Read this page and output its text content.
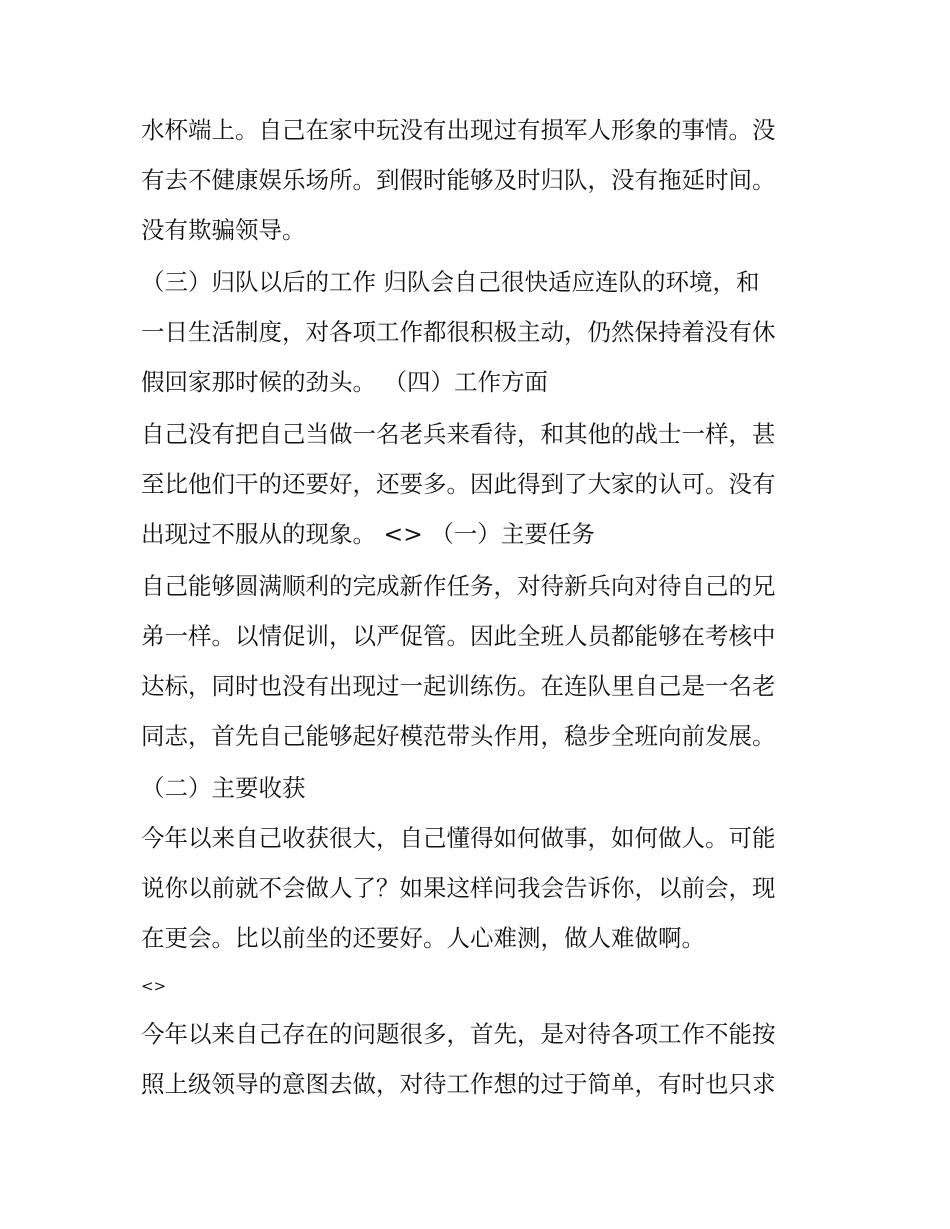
水杯端上。自己在家中玩没有出现过有损军人形象的事情。没
有去不健康娱乐场所。到假时能够及时归队，没有拖延时间。
没有欺骗领导。
（三）归队以后的工作 归队会自己很快适应连队的环境，和
一日生活制度，对各项工作都很积极主动，仍然保持着没有休
假回家那时候的劲头。 （四）工作方面
自己没有把自己当做一名老兵来看待，和其他的战士一样，甚
至比他们干的还要好，还要多。因此得到了大家的认可。没有
出现过不服从的现象。 <> （一）主要任务
自己能够圆满顺利的完成新作任务，对待新兵向对待自己的兄
弟一样。以情促训，以严促管。因此全班人员都能够在考核中
达标，同时也没有出现过一起训练伤。在连队里自己是一名老
同志，首先自己能够起好模范带头作用，稳步全班向前发展。
（二）主要收获
今年以来自己收获很大，自己懂得如何做事，如何做人。可能
说你以前就不会做人了？如果这样问我会告诉你，以前会，现
在更会。比以前坐的还要好。人心难测，做人难做啊。
<>
今年以来自己存在的问题很多，首先，是对待各项工作不能按
照上级领导的意图去做，对待工作想的过于简单，有时也只求
